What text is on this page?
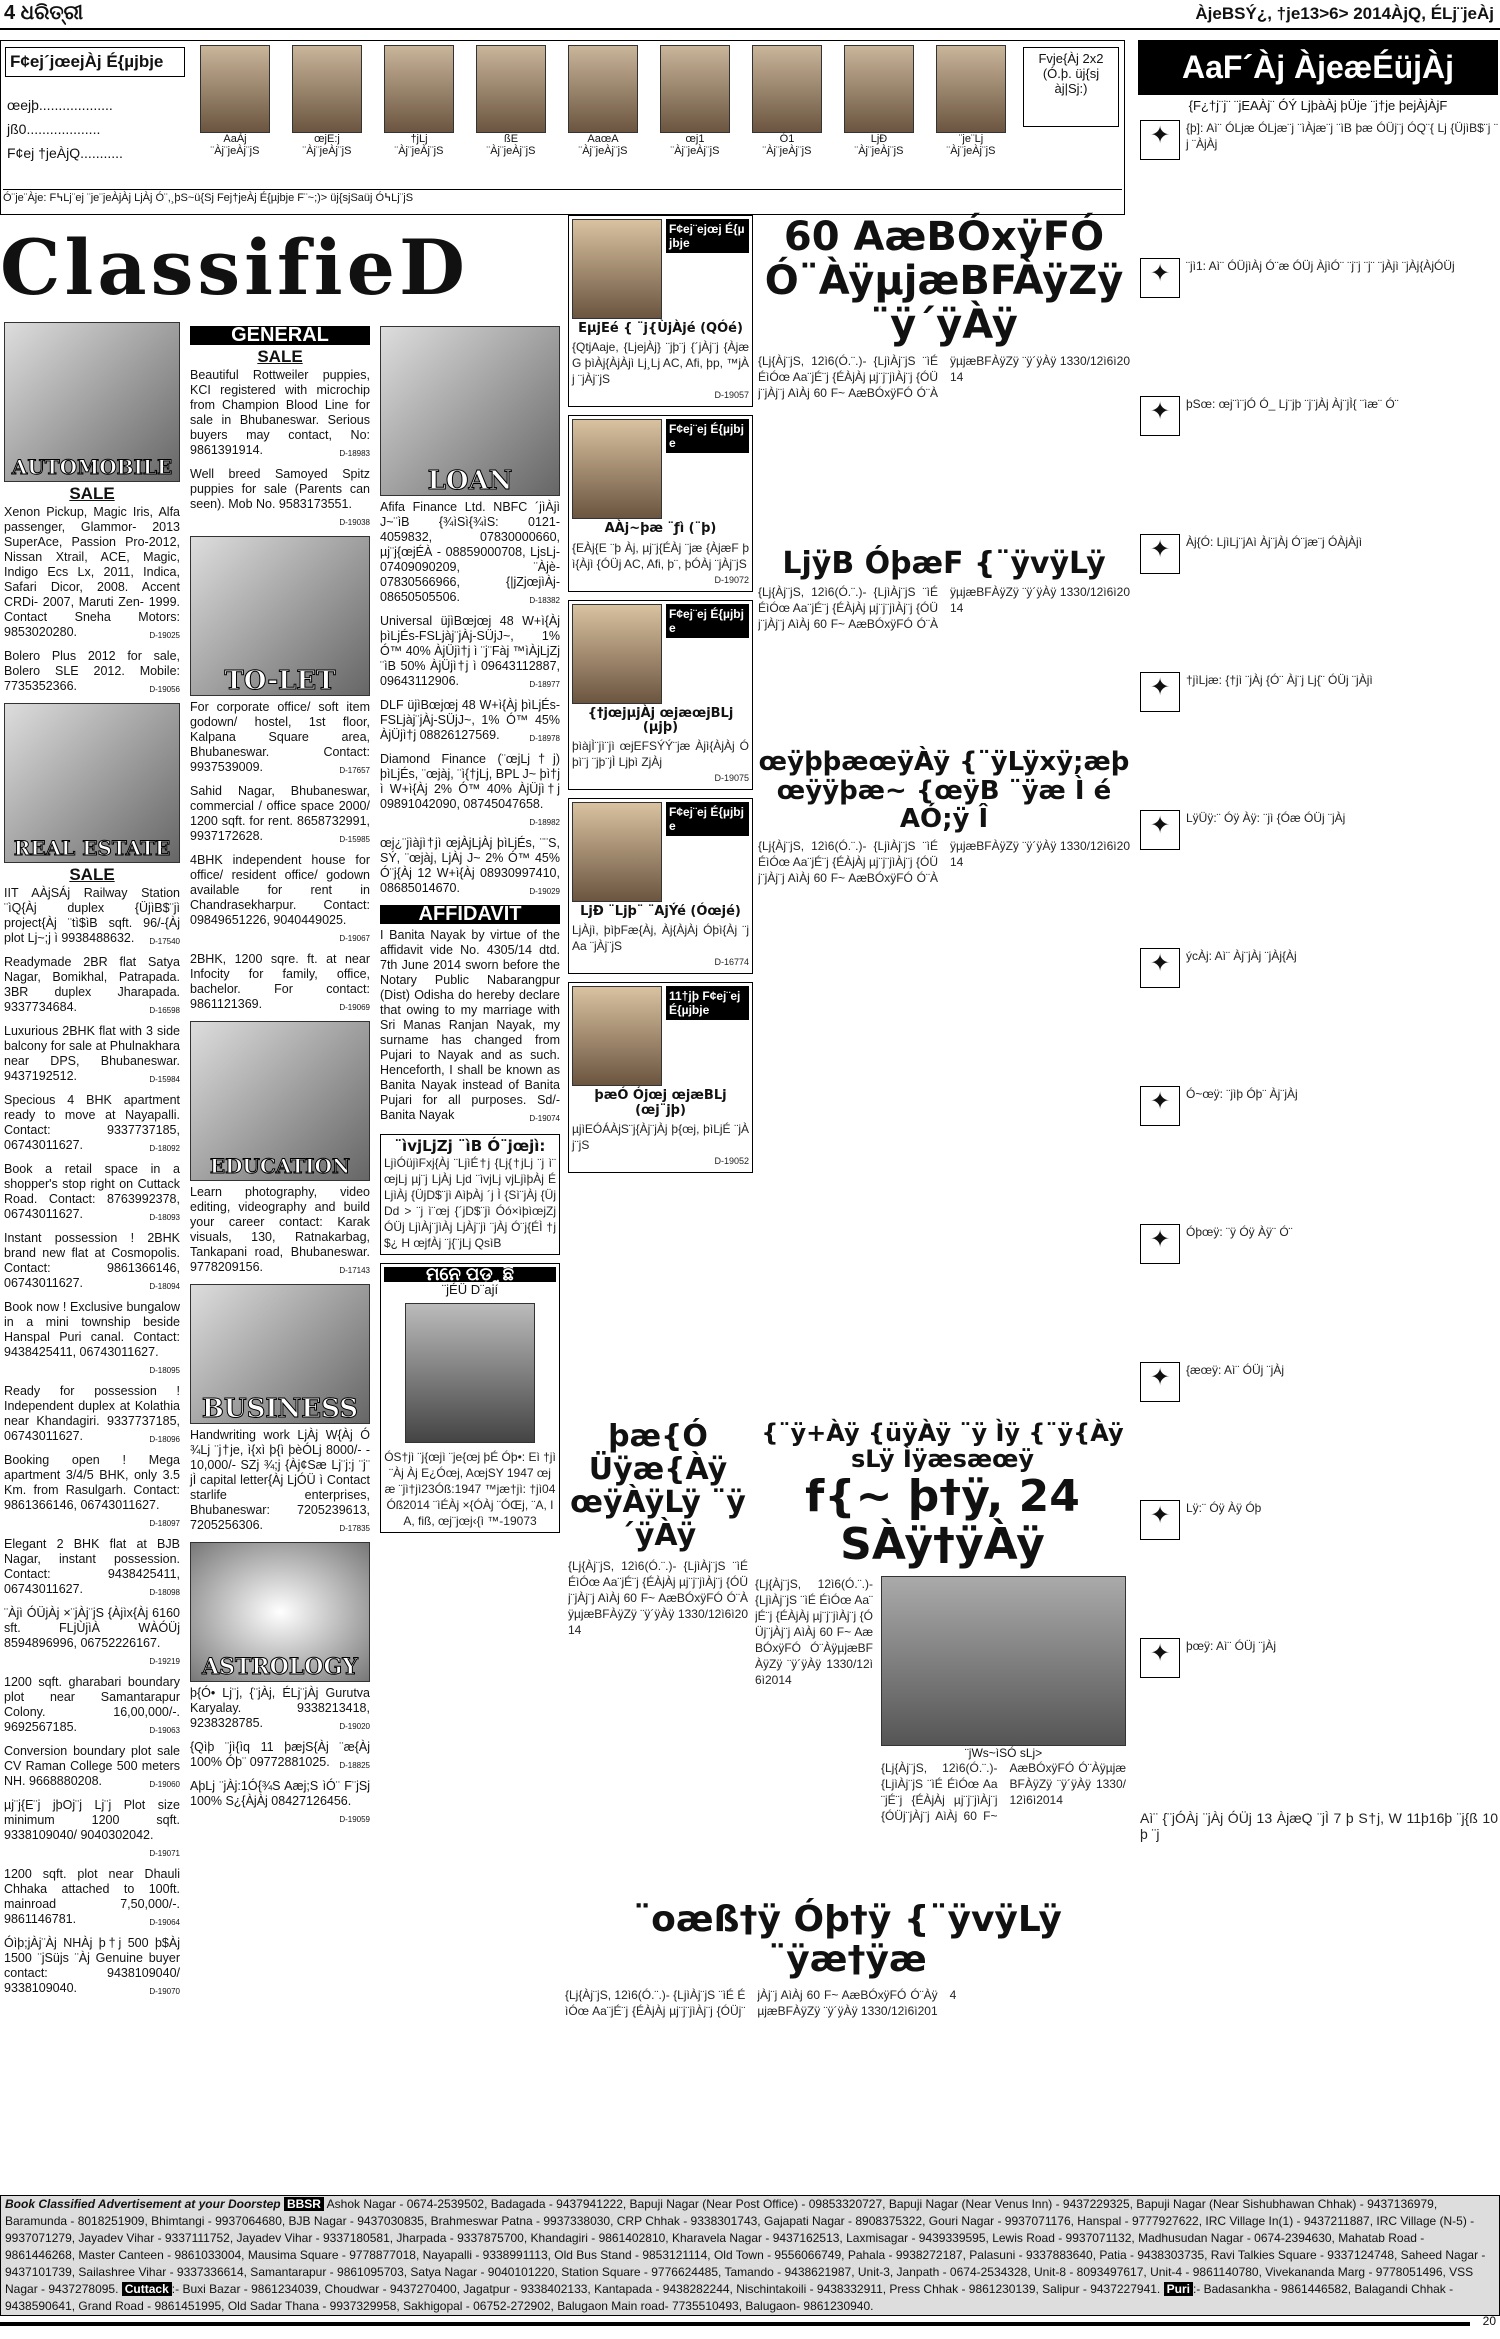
4 ଧରିତ୍ରୀ	ÀjeBSÝ¿, †je13>6> 2014ÀjQ, ÉLj¨jeÀj
F¢ej´jœejÀj É{µjbje
œejþ...................
jß0...................
F¢ej †jeÀjQ...........
AaÀj
¨Àj¨jeÀj¨jS
œjE:j
¨Àj¨jeÀj¨jS
†jLj
¨Àj¨jeÀj¨jS
ßE
¨Àj¨jeÀj¨jS
AaœA
¨Àj¨jeÀj¨jS
œj1
¨Àj¨jeÀj¨jS
Ó1
¨Àj¨jeÀj¨jS
LjÐ
¨Àj¨jeÀj¨jS
¨je¨Lj
¨Àj¨jeÀj¨jS
Fvje{Àj 2x2 (Ó.þ. üj{sj àj|Sj:)
Ó¨je¨Àje: F߆Lj¨ej ¨je¨jeÀjÀj LjÀj Ó¨,¸þS~ü{Sj Fej†jeÀj É{µjbje F¨~;)> üj{sjSaüj Ó߆Lj¨jS
AaF´Àj ÀjeæÉüjÀj
{F¿†j¨j¨ ¨jEAÀj¨ ÓÝ LjþàÀj þÜje ¨j†je þejÀjÀjF
ClassifieD
AUTOMOBILE
SALE

Xenon Pickup, Magic Iris, Alfa passenger, Glammor- 2013 SuperAce, Passion Pro-2012, Nissan Xtrail, ACE, Magic, Indigo Ecs Lx, 2011, Indica, Safari Dicor, 2008. Accent CRDi- 2007, Maruti Zen- 1999. Contact Sneha Motors: 9853020280.	D-19025

Bolero Plus 2012 for sale, Bolero SLE 2012. Mobile: 7735352366.	D-19056

REAL ESTATE
SALE

IIT AÀjSÁj Railway Station ¨ìQ{Àj duplex {ÜjìB$¨jì project{Àj ¨tì$ìB sqft. 96/-{Àj plot Lj~;j ì 9938488632. D-17540

Readymade 2BR flat Satya Nagar, Bomikhal, Patrapada. 3BR duplex Jharapada. 9337734684.	D-16598

Luxurious 2BHK flat with 3 side balcony for sale at Phulnakhara near DPS, Bhubaneswar. 9437192512.	D-15984

Specious 4 BHK apartment ready to move at Nayapalli. Contact: 9337737185, 06743011627.	D-18092

Book a retail space in a shopper's stop right on Cuttack Road. Contact: 8763992378, 06743011627.	D-18093

Instant possession ! 2BHK brand new flat at Cosmopolis. Contact: 9861366146, 06743011627.	D-18094

Book now ! Exclusive bungalow in a mini township beside Hanspal Puri canal. Contact: 9438425411, 06743011627.
D-18095

Ready for possession ! Independent duplex at Kolathia near Khandagiri. 9337737185, 06743011627.	D-18096

Booking open ! Mega apartment 3/4/5 BHK, only 3.5 Km. from Rasulgarh. Contact: 9861366146, 06743011627.
D-18097

Elegant 2 BHK flat at BJB Nagar, instant possession. Contact: 9438425411, 06743011627.	D-18098

¨Àjì ÓÜjÀj ×¨jÀj¨jS {Àjìx{Àj 6160 sft. FLjÙjìÀ WÀÓÜj 8594896996, 06752226167.
D-19219

1200 sqft. gharabari boundary plot near Samantarapur Colony. 16,00,000/-. 9692567185.	D-19063

Conversion boundary plot sale CV Raman College 500 meters NH. 9668880208.	D-19060

µj¨j{E¨j jþOj¨j Lj¨j Plot size minimum 1200 sqft. 9338109040/ 9040302042.
D-19071

1200 sqft. plot near Dhauli Chhaka attached to 100ft. mainroad 7,50,000/-. 9861146781.	D-19064

Óìþ;jÀj¨Àj NHÀj þ†j 500 þ$Àj 1500 ¨jSüjs ¨Àj Genuine buyer contact: 9438109040/ 9338109040.	D-19070

GENERAL
SALE

Beautiful Rottweiler puppies, KCI registered with microchip from Champion Blood Line for sale in Bhubaneswar. Serious buyers may contact, No: 9861391914.	D-18983

Well breed Samoyed Spitz puppies for sale (Parents can seen). Mob No. 9583173551.
D-19038

TO-LET

For corporate office/ soft item godown/ hostel, 1st floor, Kalpana Square area, Bhubaneswar. Contact: 9937539009.	D-17657

Sahid Nagar, Bhubaneswar, commercial / office space 2000/ 1200 sqft. for rent. 8658732991, 9937172628.	D-15985

4BHK independent house for office/ resident office/ godown available for rent in Chandrasekharpur. Contact: 09849651226, 9040449025.
D-19067

2BHK, 1200 sqre. ft. at near Infocity for family, office, bachelor. For contact: 9861121369.	D-19069

EDUCATION

Learn photography, video editing, videography and build your career contact: Karak visuals, 130, Ratnakarbag, Tankapani road, Bhubaneswar. 9778209156.	D-17143

BUSINESS

Handwriting work LjÀj W{Àj Ó ¾Lj ¨j†je, ì{xì þ{ì þèÓLj 8000/- - 10,000/- SZj ¾;j {Àj¢Sæ Lj¨j:j ¨j¨ jÌ capital letter{Àj LjÓÜ ì Contact starlife enterprises, Bhubaneswar: 7205239613, 7205256306.	D-17835

ASTROLOGY

þ{Ó• Lj¨j, {¨jÀj, ÉLj¨jÀj Gurutva Karyalay. 9338213418, 9238328785.	D-19020

{Qìþ ¨jì{ìq 11 þæjS{Àj ¨æ{Àj 100% Óþ¨ 09772881025. D-18825

AþLj ¨jÀj:1Ó{¾S Aæj;S ìÓ¨ F¨jSj 100% S¿{ÀjÀj 08427126456.
D-19059

LOAN

Afifa Finance Ltd. NBFC ´jìÀjì J~¨ìB {¾ìSì{¾ìS: 0121-4059832, 07830000660, µj¨j{œjÉÀ - 08859000708, LjsLj- 07409090209, ¨Àjè- 07830566966, {|jZjœjìÀj- 08650505506.	D-18382

Universal üjìBœjœj 48 W+ì{Àj þìLjÉs-FSLjàj¨jÀj-SÜjJ~, 1% Ó™ 40% ÀjÜjì†j ì ¨j¨Fàj ™ìÀjLjZj ¨ìB 50% ÀjÜjì†j ì 09643112887, 09643112906.	D-18977

DLF üjìBœjœj 48 W+ì{Àj þìLjÉs-FSLjàj¨jÀj-SÜjJ~, 1% Ó™ 45% ÀjÜjì†j 08826127569.	D-18978

Diamond Finance (¨œjLj†j) þìLjÉs, ¨œjàj, ¨ì{†jLj, BPL J~ þì†j ì W+ì{Àj 2% Ó™ 40% ÀjÜjì†j 09891042090, 08745047658.
D-18982

œj¿¨jìàjì†jì œjÀjLjÀj þìLjÉs, ¨¨S, SÝ, ¨œjàj, LjÀj J~ 2% Ó™ 45% Ó¨j{Àj 12 W+ì{Àj 08930997410, 08685014670.	D-19029

AFFIDAVIT

I Banita Nayak by virtue of the affidavit vide No. 4305/14 dtd. 7th June 2014 sworn before the Notary Public Nabarangpur (Dist) Odisha do hereby declare that owing to my marriage with Sri Manas Ranjan Nayak, my surname has changed from Pujari to Nayak and as such. Henceforth, I shall be known as Banita Nayak instead of Banita Pujari for all purposes. Sd/- Banita Nayak	D-19074

¨ìvjLjZj ¨ìB Ó¨jœjì:
LjìÓüjìFxj{Àj ¨LjìÉ†j {Lj{†jLj ¨j ì¨œjLj µj¨j LjÀj Ljd ¨ìvjLj vjLjìþÀj ÉLjìÀj {ÜjD$¨jì AìþÀj ´j Ì {Sì¨jÀj {ÜjDd > ¨j ì¨œj {´jD$¨jì Óó×ìþìœjZj ÓÜj LjìÀj¨jìÀj LjÀj¨jì ¨jÀj Ó¨j{ÉÌ †j$¿ H œjfÀj ¨j{¨jLj QsìB
ମନେ ପଡ଼ୁଛି
¨jÉÜ D¨ají
ÓS†jì ¨j{œjì ¨je{œj þÉ Óþ•: Eì †jì ¨Àj Àj E¿Óœj, AœjSY 1947 œjæ ¨jì†jì23Óß:1947 ™jæ†jì: †jì04Óß2014 ¨ìÉÀj ×{ÓÀj ¨ÓŒj, ¨A, IA, fiß, œj¨jœj‹{ì ™-19073
F¢ej¨ejœj É{µjbje
EµjEé { ¨j{ÙjÀjé (QÓé)
{QtjAaje, {LjejÀj} ¨jþ¨j {´jÀj¨j {ÀjæG þìÀj{ÀjÀjì Lj¸Lj AC, Afi, þp, ™jÀj ¨jÀj¨jS
D-19057
F¢ej¨ej É{µjbje
AÀj~þæ ¨ƒì (¨þ)
{EÀj{E ¨þ Àj, µj¨j{ÉÀj ¨jæ {ÀjæF þì{Àjì {ÓÜj AC, Afi, þ¨, þÓÀj ¨jÀj¨jS
D-19072
F¢ej¨ej É{µjbje
{†jœjµjÀj œjæœjBLj (µjþ)
þìàjÌ¨jì¨jì œjEFSÝÝ¨jæ Àjì{ÀjÀj Ó þì¨j ¨jþ¨jÌ Ljþì ZjÀj
D-19075
F¢ej¨ej É{µjbje
LjÐ ¨Ljþ¨ ¨AjÝé (Óœjé)
LjÀjì, þìþFæ{Àj, Àj{ÀjÀj Óþì{Àj ¨jAa ¨jÀj¨jS
D-16774
11†jþ F¢ej¨ej É{µjbje
þæÓ Ójœj œjæBLj (œj¨jþ)
µjìEÓÁÀjS¨j{Àj¨jÀj þ{œj, þìLjÉ ¨jÀj¨jS
D-19052
60 AæBÓxÿFÓ Ó¨ÀÿµjæBFÀÿZÿ ¨ÿ´ÿÀÿ
{Lj{Àj¨jS, 12ì6(Ó.¨.)- {LjìÀj¨jS ¨ìÉ ÉìÓœ Aa¨jÉ¨j {ÉÀjÀj µj¨j¨jìÀj¨j {ÓÜj¨jÀj¨j AìÀj 60 F~ AæBÓxÿFÓ Ó¨ÀÿµjæBFÀÿZÿ ¨ÿ´ÿÀÿ 1330/12ì6ì2014
LjÿB ÓþæF {¨ÿvÿLÿ
{Lj{Àj¨jS, 12ì6(Ó.¨.)- {LjìÀj¨jS ¨ìÉ ÉìÓœ Aa¨jÉ¨j {ÉÀjÀj µj¨j¨jìÀj¨j {ÓÜj¨jÀj¨j AìÀj 60 F~ AæBÓxÿFÓ Ó¨ÀÿµjæBFÀÿZÿ ¨ÿ´ÿÀÿ 1330/12ì6ì2014
œÿþþæœÿÀÿ {¨ÿLÿxÿ;æþ œÿÿþæ~ {œÿB ¨ÿæ Ì é AÓ;ÿ Î
{Lj{Àj¨jS, 12ì6(Ó.¨.)- {LjìÀj¨jS ¨ìÉ ÉìÓœ Aa¨jÉ¨j {ÉÀjÀj µj¨j¨jìÀj¨j {ÓÜj¨jÀj¨j AìÀj 60 F~ AæBÓxÿFÓ Ó¨ÀÿµjæBFÀÿZÿ ¨ÿ´ÿÀÿ 1330/12ì6ì2014
þæ{Ó Üÿæ{Àÿ œÿÀÿLÿ ¨ÿ´ÿÀÿ
{Lj{Àj¨jS, 12ì6(Ó.¨.)- {LjìÀj¨jS ¨ìÉ ÉìÓœ Aa¨jÉ¨j {ÉÀjÀj µj¨j¨jìÀj¨j {ÓÜj¨jÀj¨j AìÀj 60 F~ AæBÓxÿFÓ Ó¨ÀÿµjæBFÀÿZÿ ¨ÿ´ÿÀÿ 1330/12ì6ì2014
{¨ÿ+Àÿ {üÿÀÿ ¨ÿ Ìÿ {¨ÿ{Àÿ sLÿ Ìÿæsæœÿ
f{~ þ†ÿ, 24 SÀÿ†ÿÀÿ
{Lj{Àj¨jS, 12ì6(Ó.¨.)- {LjìÀj¨jS ¨ìÉ ÉìÓœ Aa¨jÉ¨j {ÉÀjÀj µj¨j¨jìÀj¨j {ÓÜj¨jÀj¨j AìÀj 60 F~ AæBÓxÿFÓ Ó¨ÀÿµjæBFÀÿZÿ ¨ÿ´ÿÀÿ 1330/12ì6ì2014
¨jWs~ìSÓ sLj>
{Lj{Àj¨jS, 12ì6(Ó.¨.)- {LjìÀj¨jS ¨ìÉ ÉìÓœ Aa¨jÉ¨j {ÉÀjÀj µj¨j¨jìÀj¨j {ÓÜj¨jÀj¨j AìÀj 60 F~ AæBÓxÿFÓ Ó¨ÀÿµjæBFÀÿZÿ ¨ÿ´ÿÀÿ 1330/12ì6ì2014
¨oæß†ÿ Óþ†ÿ {¨ÿvÿLÿ ¨ÿæ†ÿæ
{Lj{Àj¨jS, 12ì6(Ó.¨.)- {LjìÀj¨jS ¨ìÉ ÉìÓœ Aa¨jÉ¨j {ÉÀjÀj µj¨j¨jìÀj¨j {ÓÜj¨jÀj¨j AìÀj 60 F~ AæBÓxÿFÓ Ó¨ÀÿµjæBFÀÿZÿ ¨ÿ´ÿÀÿ 1330/12ì6ì2014
✦	{þ]: Aì¨ ÓLjæ ÓLjæ¨j ¨ìÀjæ¨j ¨ìB þæ ÓÜj¨j ÓQ¨{ Lj {ÜjìB$¨j ¨j ¨ÀjÀj
✦	¨jì1: Aì¨ ÓÜjìÀj Ó¨æ ÓÜj ÀjìÓ¨ ¨j¨j ¨j¨ ¨jÀjì ¨jÀj{ÀjÓÜj
✦	þSœ: œj¨ì¨jÓ Ó_ Lj¨jþ ¨j¨jÀj Àj¨jÌ{ ¨ìæ¨ Ó¨
✦	Àj{Ó: LjìLj¨jAì Àj¨jÀj Ó¨jæ¨j ÓÀjÀjì
✦	†jìLjæ: {†jì ¨jÀj {Ó¨ Àj¨j Lj{¨ ÓÜj ¨jÀjì
✦	LÿÜÿ:¨ Óÿ Àÿ: ¨jì {Óæ ÓÜj ¨jÀj
✦	ýcÀj: Aì¨ Àj¨jÀj ¨jÀj{Àj
✦	Ó~œÿ: ¨jìþ Óþ¨ Àj¨jÀj
✦	Óþœÿ: ¨ÿ Óÿ Àÿ¨ Ó¨
✦	{æœÿ: Aì¨ ÓÜj ¨jÀj
✦	Lÿ:¨ Óÿ Àÿ Óþ
✦	þœÿ: Aì¨ ÓÜj ¨jÀj
Aì¨ {¨jÓÀj ¨jÀj ÓÜj 13 ÀjæQ ¨jÌ 7 þ S†j, W 11þ16þ ¨j{ß 10 þ ¨j
Book Classified Advertisement at your Doorstep BBSR Ashok Nagar - 0674-2539502, Badagada - 9437941222, Bapuji Nagar (Near Post Office) - 09853320727, Bapuji Nagar (Near Venus Inn) - 9437229325, Bapuji Nagar (Near Sishubhawan Chhak) - 9437136979, Baramunda - 8018251909, Bhimtangi - 9937064680, BJB Nagar - 9437030835, Brahmeswar Patna - 9937338030, CRP Chhak - 9338301743, Gajapati Nagar - 8908375322, Gouri Nagar - 9937071176, Hanspal - 9777927622, IRC Village In(1) - 9437211887, IRC Village (N-5) - 9937071279, Jayadev Vihar - 9337111752, Jayadev Vihar - 9337180581, Jharpada - 9337875700, Khandagiri - 9861402810, Kharavela Nagar - 9437162513, Laxmisagar - 9439339595, Lewis Road - 9937071132, Madhusudan Nagar - 0674-2394630, Mahatab Road - 9861446268, Master Canteen - 9861033004, Mausima Square - 9778877018, Nayapalli - 9338991113, Old Bus Stand - 9853121114, Old Town - 9556066749, Pahala - 9938272187, Palasuni - 9337883640, Patia - 9438303735, Ravi Talkies Square - 9337124748, Saheed Nagar - 9437101739, Sailashree Vihar - 9337336614, Samantarapur - 9861095703, Satya Nagar - 9040101220, Station Square - 9776624485, Tamando - 9438621987, Unit-3, Janpath - 0674-2534328, Unit-8 - 8093497617, Unit-4 - 9861140780, Vivekananda Marg - 9778051496, VSS Nagar - 9437278095. Cuttack :- Buxi Bazar - 9861234039, Choudwar - 9437270400, Jagatpur - 9338402133, Kantapada - 9438282244, Nischintakoili - 9438332911, Press Chhak - 9861230139, Salipur - 9437227941. Puri :- Badasankha - 9861446582, Balagandi Chhak - 9438590641, Grand Road - 9861451995, Old Sadar Thana - 9937329958, Sakhigopal - 06752-272902, Balugaon Main road- 7735510493, Balugaon- 9861230940.
20
